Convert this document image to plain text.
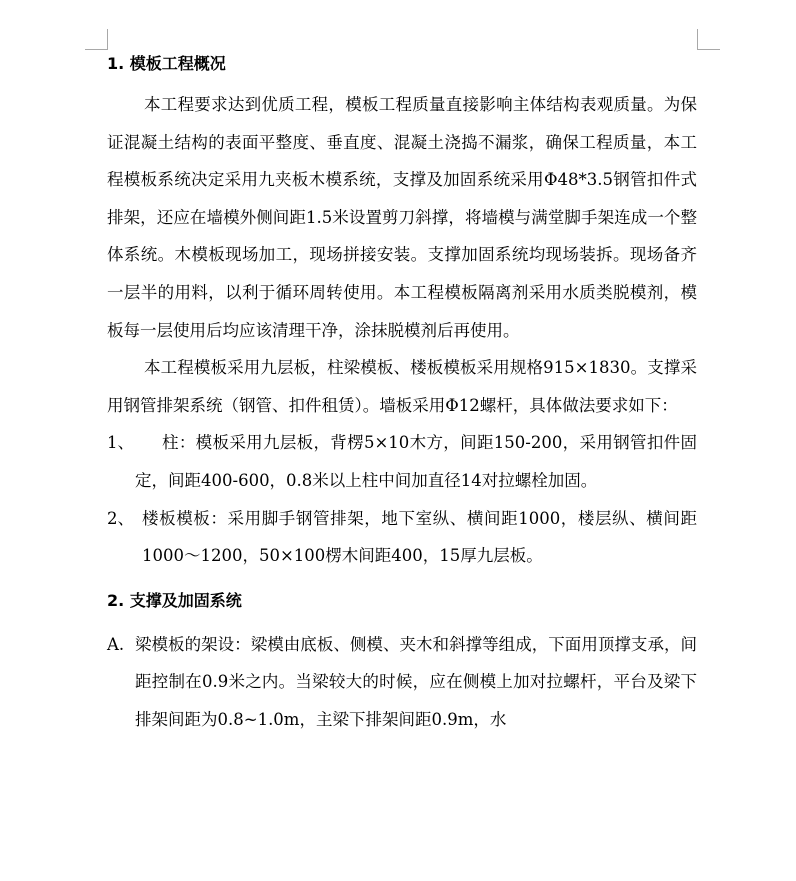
1. 模板工程概况

本工程要求达到优质工程，模板工程质量直接影响主体结构表观质量。为保证混凝土结构的表面平整度、垂直度、混凝土浇捣不漏浆，确保工程质量，本工程模板系统决定采用九夹板木模系统，支撑及加固系统采用Φ48*3.5钢管扣件式排架，还应在墙模外侧间距1.5米设置剪刀斜撑，将墙模与满堂脚手架连成一个整体系统。木模板现场加工，现场拼接安装。支撑加固系统均现场装拆。现场备齐一层半的用料，以利于循环周转使用。本工程模板隔离剂采用水质类脱模剂，模板每一层使用后均应该清理干净，涂抹脱模剂后再使用。

本工程模板采用九层板，柱梁模板、楼板模板采用规格915×1830。支撑采用钢管排架系统（钢管、扣件租赁）。墙板采用Φ12螺杆，具体做法要求如下：

1、	柱：模板采用九层板，背楞5×10木方，间距150-200，采用钢管扣件固定，间距400-600，0.8米以上柱中间加直径14对拉螺栓加固。
2、 楼板模板：采用脚手钢管排架，地下室纵、横间距1000，楼层纵、横间距1000～1200，50×100楞木间距400，15厚九层板。
2. 支撑及加固系统
A. 梁模板的架设：梁模由底板、侧模、夹木和斜撑等组成，下面用顶撑支承，间距控制在0.9米之内。当梁较大的时候，应在侧模上加对拉螺杆，平台及梁下排架间距为0.8~1.0m，主梁下排架间距0.9m，水
